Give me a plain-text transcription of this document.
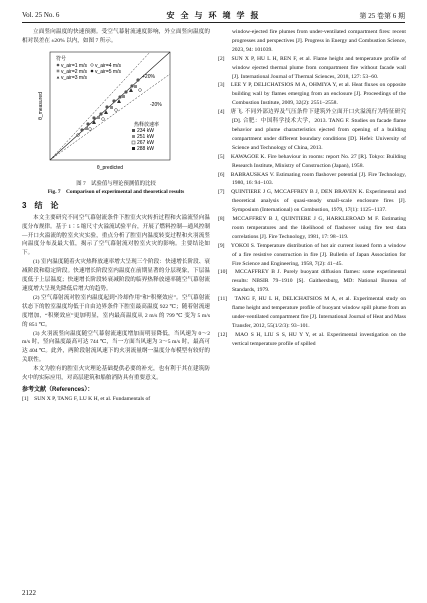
Vol. 25 No. 6	安 全 与 环 境 学 报	第 25 卷第 6 期

立面竖向温度的快速预测。受空气幕射流速度影响，外立面竖向温度的相对误差在 ±20% 以内，如图 7 所示。

+20%
-20%
符号
v_air=1 m/s
v_air=2 m/s
v_air=3 m/s
v_air=4 m/s
v_air=5 m/s
热释放速率
234 kW
251 kW
267 kW
288 kW
θ_predicted
θ_measured
图 7　试验值与理论预测值的比较
Fig. 7　Comparison of experimental and theoretical results
3　结　论

本文主要研究不同空气幕射流条件下腔室火灾转折过程和火溢流竖向温度分布规律。基于 1∶5 缩尺寸火溢流试验平台，开展了燃料控制—通风控制—开口火溢流的腔室火灾实验，重点分析了腔室内温度转变过程和火羽流竖向温度分布及最大值，揭示了空气幕射流对腔室火灾的影响。主要结论如下。

(1) 室内温度随着火灾热释放速率增大呈现三个阶段：快速增长阶段、衰减阶段和稳定阶段。快速增长阶段室内温度在前期显著的分层现象，下层温度低于上层温度；快速增长阶段转衰减阶段的临界热释放速率随空气幕射流速度增大呈现先降低后增大的趋势。

(2) 空气幕射流对腔室内温度起到“冷却作用”和“积聚效应”。空气幕射流状态下的腔室温度均低于自由边界条件下腔室最高温度 922 ℃；随着射流速度增加，“积聚效应”更加明显，室内最高温度从 2 m/s 的 799 ℃ 变为 5 m/s 的 851 ℃。

(3) 火羽流竖向温度随空气幕射流速度增加而明显降低，当风速为 0～2 m/s 时，竖向温度最高可达 744 ℃，当一方面当风速为 3～5 m/s 时，最高可达 404 ℃。此外，两阶段射流风速下的火羽流量纲一温度分布模型有较好的关联性。

本文为腔有的腔室火灾理论基础提供必要的补充，也有利于其在建筑防火中的实际应用，对高层建筑和船舶消防具有重要意义。

参考文献（References）：

[1]　SUN X P, TANG F, LU K H, et al. Fundamentals of

window-ejected fire plumes from under-ventilated compartment fires: recent progresses and perspectives [J]. Progress in Energy and Combustion Science, 2023, 94: 101039.

[2]　SUN X P, HU L H, REN F, et al. Flame height and temperature profile of window ejected thermal plume from compartment fire without facade wall [J]. International Journal of Thermal Sciences, 2018, 127: 53−60.

[3]　LEE Y P, DELICHATSIOS M A, OHMIYA Y, et al. Heat fluxes on opposite building wall by flames emerging from an enclosure [J]. Proceedings of the Combustion Institute, 2009, 32(2): 2551−2558.

[4]　唐飞. 不同外部边界及气压条件下建筑外立面开口火溢流行为特征研究[D]. 合肥：中国科学技术大学，2013. TANG F. Studies on facade flame behavior and plume characteristics ejected from opening of a building compartment under different boundary conditions [D]. Hefei: University of Science and Technology of China, 2013.

[5]　KAWAGOE K. Fire behaviour in rooms: report No. 27 [R]. Tokyo: Building Research Institute, Ministry of Construction (Japan), 1958.

[6]　BABRAUSKAS V. Estimating room flashover potential [J]. Fire Technology, 1980, 16: 94−103.

[7]　QUINTIERE J G, MCCAFFREY B J, DEN BRAVEN K. Experimental and theoretical analysis of quasi-steady small-scale enclosure fires [J]. Symposium (International) on Combustion, 1979, 17(1): 1125−1137.

[8]　MCCAFFREY B J, QUINTIERE J G, HARKLEROAD M F. Estimating room temperatures and the likelihood of flashover using fire test data correlations [J]. Fire Technology, 1981, 17: 98−119.

[9]　YOKOI S. Temperature distribution of hot air current issued form a window of a fire resistive construction in fire [J]. Bulletin of Japan Association for Fire Science and Engineering, 1958, 7(2): 41−45.

[10]　MCCAFFREY B J. Purely buoyant diffusion flames: some experimental results: NBSIR 79−1910 [S]. Gaithersburg, MD: National Bureau of Standards, 1979.

[11]　TANG F, HU L H, DELICHATSIOS M A, et al. Experimental study on flame height and temperature profile of buoyant window spill plume from an under-ventilated compartment fire [J]. International Journal of Heat and Mass Transfer, 2012, 55(1/2/3): 93−101.

[12]　MAO S H, LIU S S, HU Y Y, et al. Experimental investigation on the vertical temperature profile of spilled

2122
